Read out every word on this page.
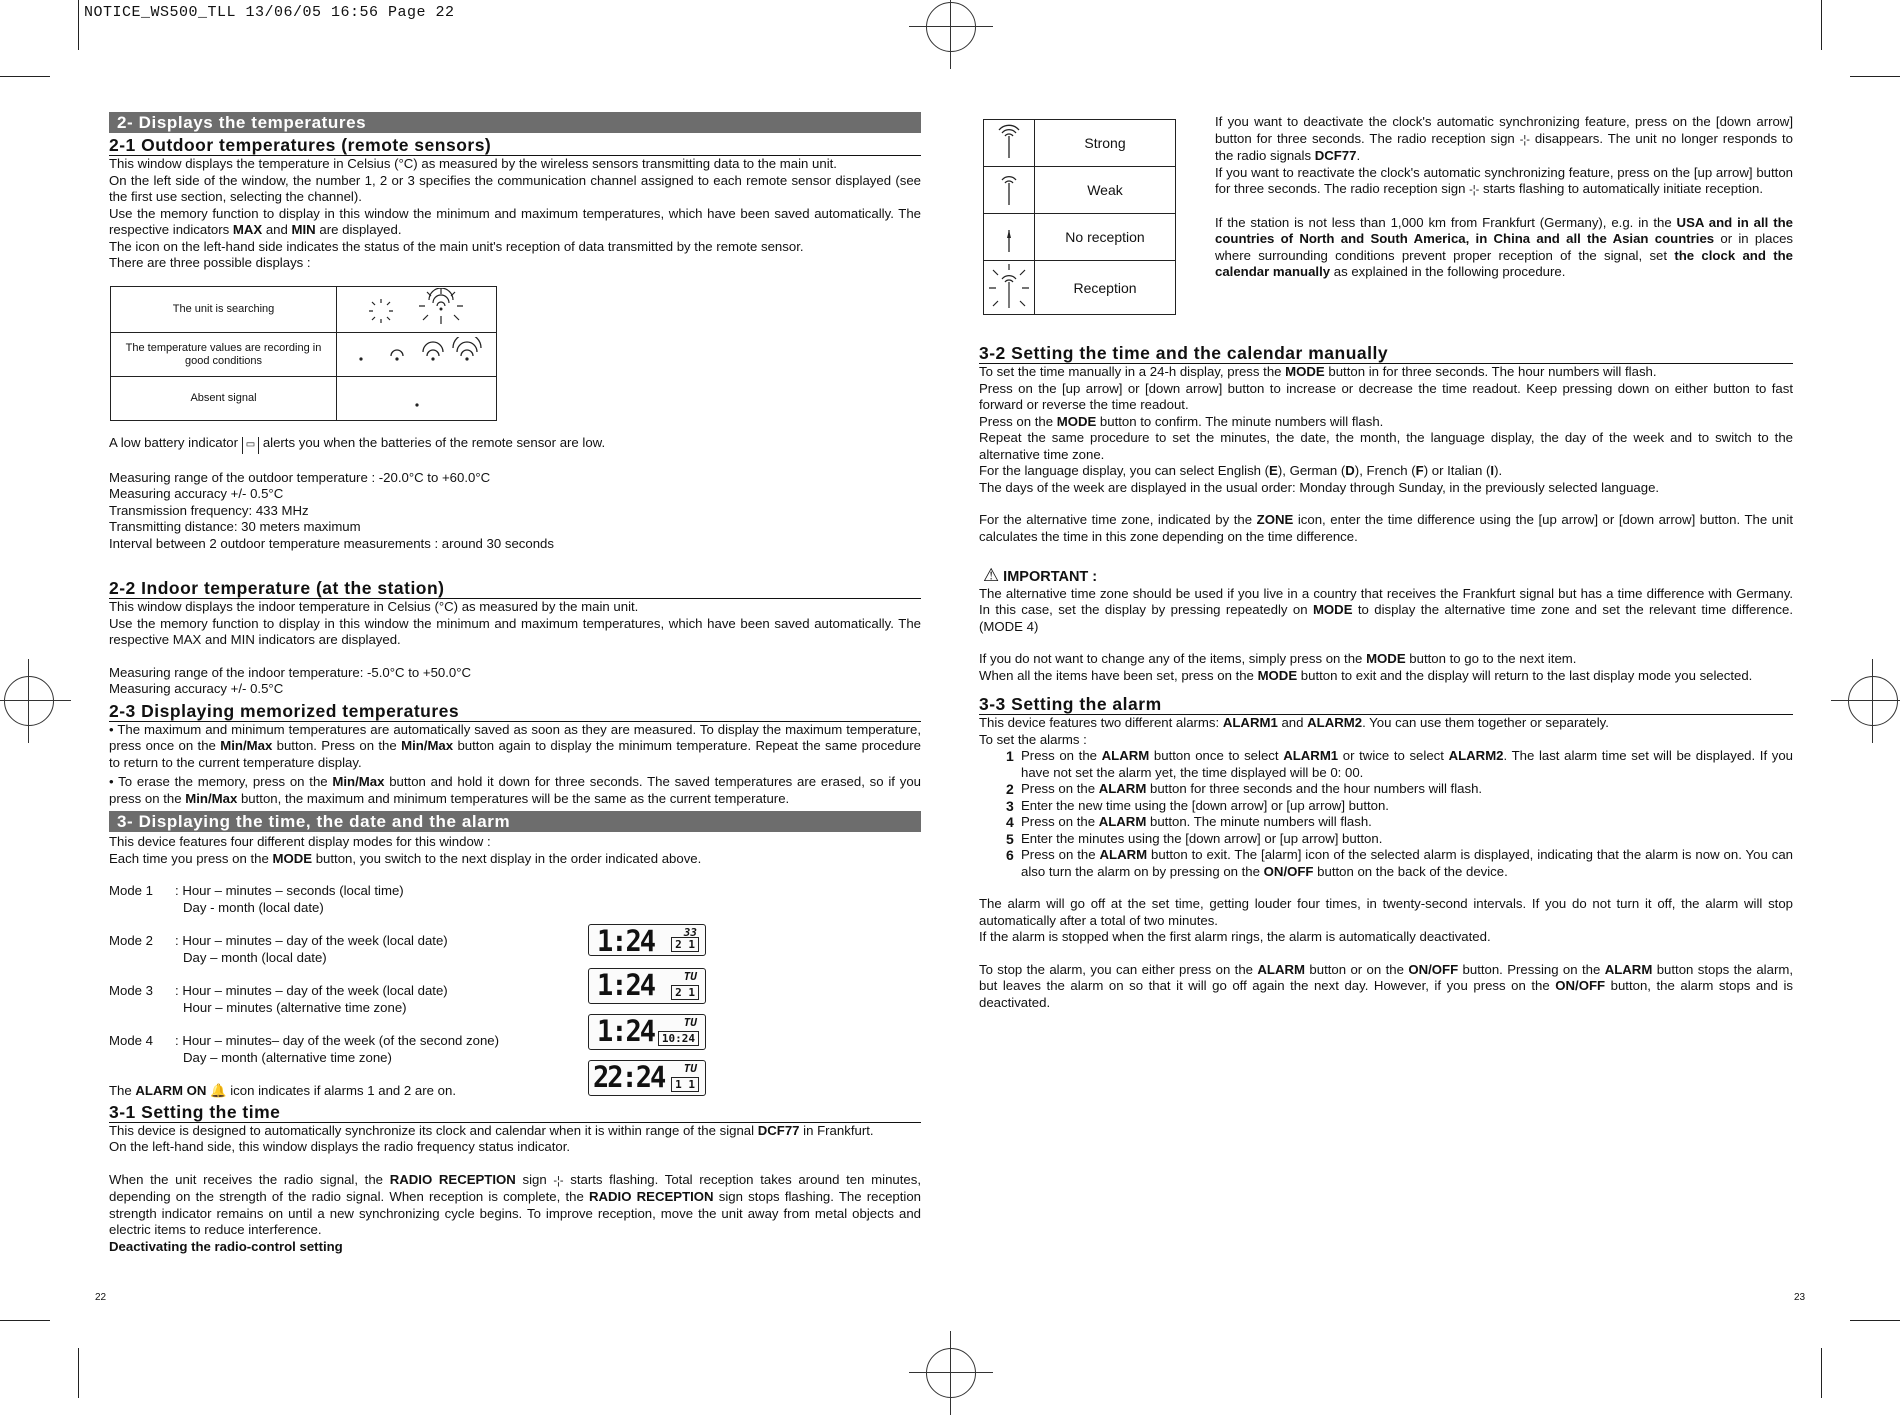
NOTICE_WS500_TLL 13/06/05 16:56 Page 22
2- Displays the temperatures
2-1 Outdoor temperatures (remote sensors)

This window displays the temperature in Celsius (°C) as measured by the wireless sensors transmitting data to the main unit.

On the left side of the window, the number 1, 2 or 3 specifies the communication channel assigned to each remote sensor displayed (see the first use section, selecting the channel).

Use the memory function to display in this window the minimum and maximum temperatures, which have been saved automatically. The respective indicators MAX and MIN are displayed.

The icon on the left-hand side indicates the status of the main unit's reception of data transmitted by the remote sensor.

There are three possible displays :

The unit is searching	
The temperature values are recording in good conditions	
Absent signal	

A low battery indicator ▭ alerts you when the batteries of the remote sensor are low.

Measuring range of the outdoor temperature : -20.0°C to +60.0°C

Measuring accuracy +/- 0.5°C

Transmission frequency: 433 MHz

Transmitting distance: 30 meters maximum

Interval between 2 outdoor temperature measurements : around 30 seconds

2-2 Indoor temperature (at the station)

This window displays the indoor temperature in Celsius (°C) as measured by the main unit.

Use the memory function to display in this window the minimum and maximum temperatures, which have been saved automatically. The respective MAX and MIN indicators are displayed.

Measuring range of the indoor temperature: -5.0°C to +50.0°C

Measuring accuracy +/- 0.5°C

2-3 Displaying memorized temperatures

• The maximum and minimum temperatures are automatically saved as soon as they are measured. To display the maximum temperature, press once on the Min/Max button. Press on the Min/Max button again to display the minimum temperature. Repeat the same procedure to return to the current temperature display.

• To erase the memory, press on the Min/Max button and hold it down for three seconds. The saved temperatures are erased, so if you press on the Min/Max button, the maximum and minimum temperatures will be the same as the current temperature.

3- Displaying the time, the date and the alarm

This device features four different display modes for this window :

Each time you press on the MODE button, you switch to the next display in the order indicated above.

Mode 1	: Hour – minutes – seconds (local time)
Day - month (local date)
Mode 2	: Hour – minutes – day of the week (local date)
Day – month (local date)
Mode 3	: Hour – minutes – day of the week (local date)
Hour – minutes (alternative time zone)
Mode 4	: Hour – minutes– day of the week (of the second zone)
Day – month (alternative time zone)

The ALARM ON 🔔 icon indicates if alarms 1 and 2 are on.

3-1 Setting the time

This device is designed to automatically synchronize its clock and calendar when it is within range of the signal DCF77 in Frankfurt.

On the left-hand side, this window displays the radio frequency status indicator.

When the unit receives the radio signal, the RADIO RECEPTION sign -¦- starts flashing. Total reception takes around ten minutes, depending on the strength of the radio signal. When reception is complete, the RADIO RECEPTION sign stops flashing. The reception strength indicator remains on until a new synchronizing cycle begins. To improve reception, move the unit away from metal objects and electric items to reduce interference.

Deactivating the radio-control setting

1:24	33
2 1
1:24	TU
2 1
1:24	TU
10:24
22:24 TU
1 1
22
	Strong
	Weak
	No reception
	Reception

If you want to deactivate the clock's automatic synchronizing feature, press on the [down arrow] button for three seconds. The radio reception sign -¦- disappears. The unit no longer responds to the radio signals DCF77.

If you want to reactivate the clock's automatic synchronizing feature, press on the [up arrow] button for three seconds. The radio reception sign -¦- starts flashing to automatically initiate reception.

If the station is not less than 1,000 km from Frankfurt (Germany), e.g. in the USA and in all the countries of North and South America, in China and all the Asian countries or in places where surrounding conditions prevent proper reception of the signal, set the clock and the calendar manually as explained in the following procedure.

3-2 Setting the time and the calendar manually

To set the time manually in a 24-h display, press the MODE button in for three seconds. The hour numbers will flash.

Press on the [up arrow] or [down arrow] button to increase or decrease the time readout. Keep pressing down on either button to fast forward or reverse the time readout.

Press on the MODE button to confirm. The minute numbers will flash.

Repeat the same procedure to set the minutes, the date, the month, the language display, the day of the week and to switch to the alternative time zone.

For the language display, you can select English (E), German (D), French (F) or Italian (I).

The days of the week are displayed in the usual order: Monday through Sunday, in the previously selected language.

For the alternative time zone, indicated by the ZONE icon, enter the time difference using the [up arrow] or [down arrow] button. The unit calculates the time in this zone depending on the time difference.

⚠ IMPORTANT :

The alternative time zone should be used if you live in a country that receives the Frankfurt signal but has a time difference with Germany. In this case, set the display by pressing repeatedly on MODE to display the alternative time zone and set the relevant time difference.(MODE 4)

If you do not want to change any of the items, simply press on the MODE button to go to the next item.

When all the items have been set, press on the MODE button to exit and the display will return to the last display mode you selected.

3-3 Setting the alarm

This device features two different alarms: ALARM1 and ALARM2. You can use them together or separately.

To set the alarms :

1 Press on the ALARM button once to select ALARM1 or twice to select ALARM2. The last alarm time set will be displayed. If you have not set the alarm yet, the time displayed will be 0: 00.

2 Press on the ALARM button for three seconds and the hour numbers will flash.

3 Enter the new time using the [down arrow] or [up arrow] button.

4 Press on the ALARM button. The minute numbers will flash.

5 Enter the minutes using the [down arrow] or [up arrow] button.

6 Press on the ALARM button to exit. The [alarm] icon of the selected alarm is displayed, indicating that the alarm is now on. You can also turn the alarm on by pressing on the ON/OFF button on the back of the device.

The alarm will go off at the set time, getting louder four times, in twenty-second intervals. If you do not turn it off, the alarm will stop automatically after a total of two minutes.

If the alarm is stopped when the first alarm rings, the alarm is automatically deactivated.

To stop the alarm, you can either press on the ALARM button or on the ON/OFF button. Pressing on the ALARM button stops the alarm, but leaves the alarm on so that it will go off again the next day. However, if you press on the ON/OFF button, the alarm stops and is deactivated.

23
